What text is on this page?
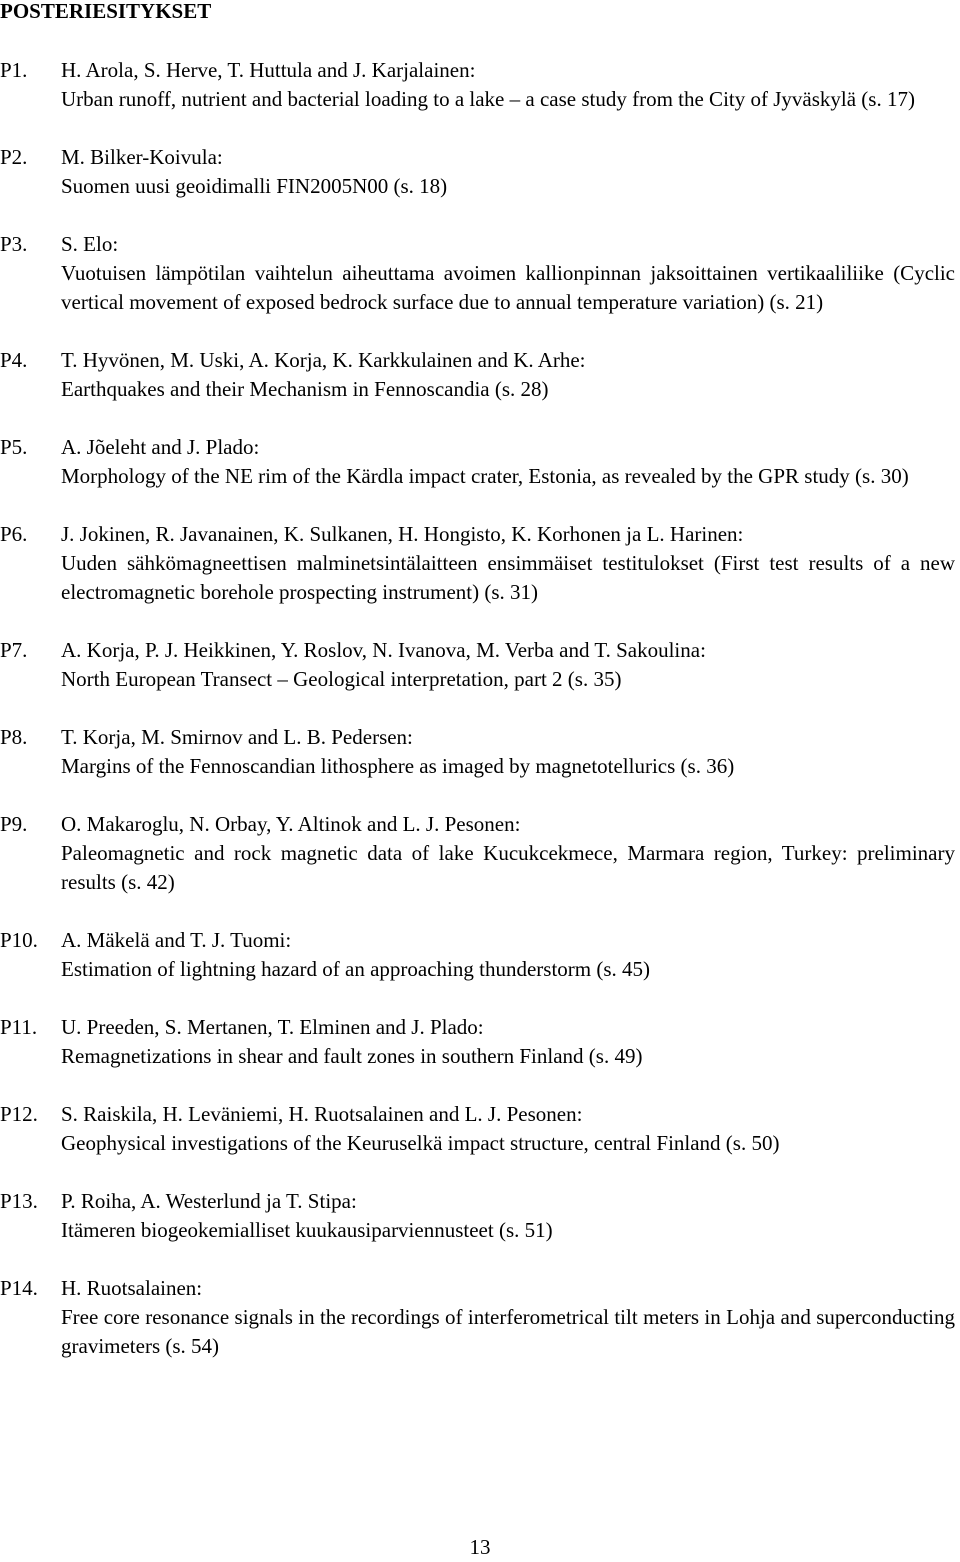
POSTERIESITYKSET
P1. H. Arola, S. Herve, T. Huttula and J. Karjalainen:
Urban runoff, nutrient and bacterial loading to a lake – a case study from the City of Jyväskylä (s. 17)
P2. M. Bilker-Koivula:
Suomen uusi geoidimalli FIN2005N00 (s. 18)
P3. S. Elo:
Vuotuisen lämpötilan vaihtelun aiheuttama avoimen kallionpinnan jaksoittainen vertikaaliliike (Cyclic vertical movement of exposed bedrock surface due to annual temperature variation) (s. 21)
P4. T. Hyvönen, M. Uski, A. Korja, K. Karkkulainen and K. Arhe:
Earthquakes and their Mechanism in Fennoscandia (s. 28)
P5. A. Jõeleht and J. Plado:
Morphology of the NE rim of the Kärdla impact crater, Estonia, as revealed by the GPR study (s. 30)
P6. J. Jokinen, R. Javanainen, K. Sulkanen, H. Hongisto, K. Korhonen ja L. Harinen:
Uuden sähkömagneettisen malminetsintälaitteen ensimmäiset testitulokset (First test results of a new electromagnetic borehole prospecting instrument) (s. 31)
P7. A. Korja, P. J. Heikkinen, Y. Roslov, N. Ivanova, M. Verba and T. Sakoulina:
North European Transect – Geological interpretation, part 2 (s. 35)
P8. T. Korja, M. Smirnov and L. B. Pedersen:
Margins of the Fennoscandian lithosphere as imaged by magnetotellurics (s. 36)
P9. O. Makaroglu, N. Orbay, Y. Altinok and L. J. Pesonen:
Paleomagnetic and rock magnetic data of lake Kucukcekmece, Marmara region, Turkey: preliminary results (s. 42)
P10. A. Mäkelä and T. J. Tuomi:
Estimation of lightning hazard of an approaching thunderstorm (s. 45)
P11. U. Preeden, S. Mertanen, T. Elminen and J. Plado:
Remagnetizations in shear and fault zones in southern Finland (s. 49)
P12. S. Raiskila, H. Leväniemi, H. Ruotsalainen and L. J. Pesonen:
Geophysical investigations of the Keuruselkä impact structure, central Finland (s. 50)
P13. P. Roiha, A. Westerlund ja T. Stipa:
Itämeren biogeokemialliset kuukausiparviennusteet (s. 51)
P14. H. Ruotsalainen:
Free core resonance signals in the recordings of interferometrical tilt meters in Lohja and superconducting gravimeters (s. 54)
13
